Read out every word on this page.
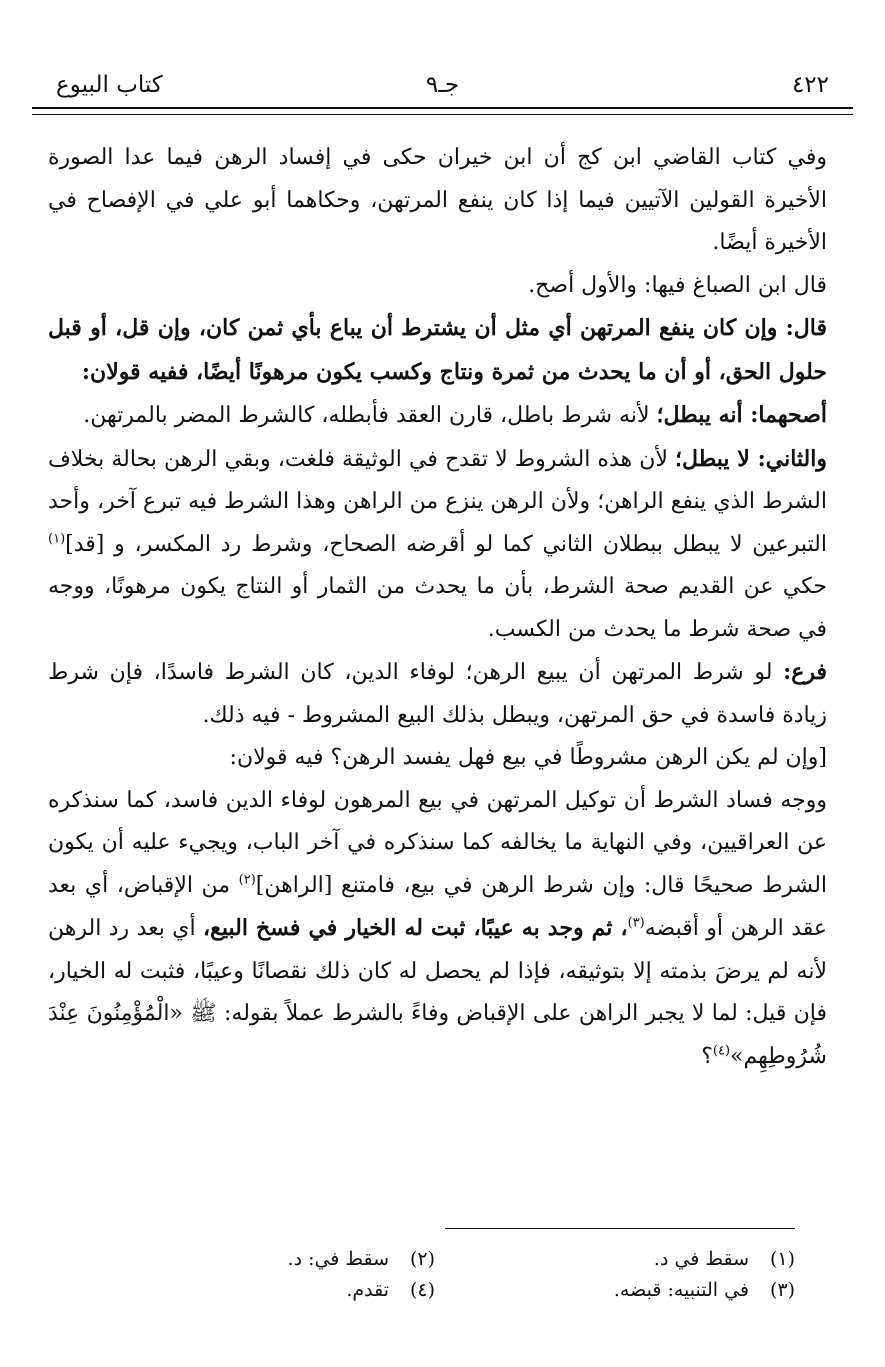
٤٢٢
جـ٩
كتاب البيوع

وفي كتاب القاضي ابن كج أن ابن خيران حكى في إفساد الرهن فيما عدا الصورة الأخيرة القولين الآتيين فيما إذا كان ينفع المرتهن، وحكاهما أبو علي في الإفصاح في الأخيرة أيضًا.

قال ابن الصباغ فيها: والأول أصح.

قال: وإن كان ينفع المرتهن أي مثل أن يشترط أن يباع بأي ثمن كان، وإن قل، أو قبل حلول الحق، أو أن ما يحدث من ثمرة ونتاج وكسب يكون مرهونًا أيضًا، ففيه قولان:

أصحهما: أنه يبطل؛ لأنه شرط باطل، قارن العقد فأبطله، كالشرط المضر بالمرتهن.

والثاني: لا يبطل؛ لأن هذه الشروط لا تقدح في الوثيقة فلغت، وبقي الرهن بحالة بخلاف الشرط الذي ينفع الراهن؛ ولأن الرهن ينزع من الراهن وهذا الشرط فيه تبرع آخر، وأحد التبرعين لا يبطل ببطلان الثاني كما لو أقرضه الصحاح، وشرط رد المكسر، و [قد]$^{(١)}$ حكي عن القديم صحة الشرط، بأن ما يحدث من الثمار أو النتاج يكون مرهونًا، ووجه في صحة شرط ما يحدث من الكسب.

فرع: لو شرط المرتهن أن يبيع الرهن؛ لوفاء الدين، كان الشرط فاسدًا، فإن شرط زيادة فاسدة في حق المرتهن، ويبطل بذلك البيع المشروط - فيه ذلك.

[وإن لم يكن الرهن مشروطًا في بيع فهل يفسد الرهن؟ فيه قولان:

ووجه فساد الشرط أن توكيل المرتهن في بيع المرهون لوفاء الدين فاسد، كما سنذكره عن العراقيين، وفي النهاية ما يخالفه كما سنذكره في آخر الباب، ويجيء عليه أن يكون الشرط صحيحًا قال: وإن شرط الرهن في بيع، فامتنع [الراهن]$^{(٢)}$ من الإقباض، أي بعد عقد الرهن أو أقبضه$^{(٣)}$، ثم وجد به عيبًا، ثبت له الخيار في فسخ البيع، أي بعد رد الرهن لأنه لم يرضَ بذمته إلا بتوثيقه، فإذا لم يحصل له كان ذلك نقصانًا وعيبًا، فثبت له الخيار، فإن قيل: لما لا يجبر الراهن على الإقباض وفاءً بالشرط عملاً بقوله: ﷺ «الْمُؤْمِنُونَ عِنْدَ شُرُوطِهِم»$^{(٤)}$؟

(١)سقط في د.
(٢)سقط في: د.
(٣)في التنبيه: قبضه.
(٤)تقدم.
